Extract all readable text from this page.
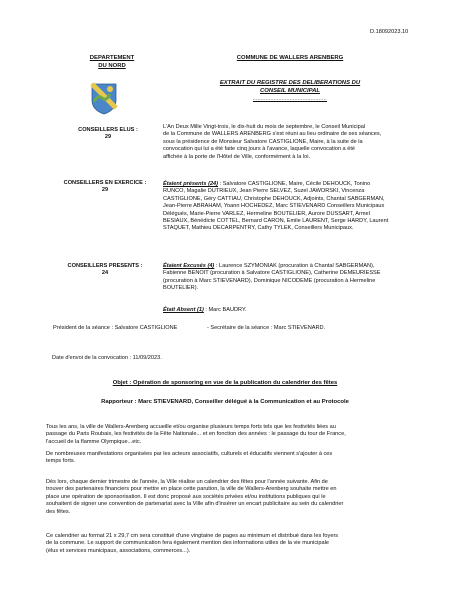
D.18092023.10
DEPARTEMENT
DU NORD
COMMUNE DE WALLERS ARENBERG
EXTRAIT DU REGISTRE DES DELIBERATIONS DU
CONSEIL MUNICIPAL
..............................................
CONSEILLERS ELUS :
29
CONSEILLERS EN EXERCICE :
29
CONSEILLERS PRESENTS :
24
L'An Deux Mille Vingt-trois, le dix-huit du mois de septembre, le Conseil Municipal
de la Commune de WALLERS ARENBERG s'est réuni au lieu ordinaire de ses séances,
sous la présidence de Monsieur Salvatore CASTIGLIONE, Maire, à la suite de la
convocation qui lui a été faite cinq jours à l'avance, laquelle convocation a été
affichée à la porte de l'Hôtel de Ville, conformément à la loi.
Étaient présents (24) : Salvatore CASTIGLIONE, Maire, Cécile DEHOUCK, Tonino
RUNCO, Magalie DUTRIEUX, Jean Pierre SELVEZ, Suzel JAWORSKI, Vincenza
CASTIGLIONE, Géry CATTIAU, Christophe DEHOUCK, Adjoints, Chantal SABGERMAN,
Jean-Pierre ABRAHAM, Yoann HOCHEDEZ, Marc STIEVENARD Conseillers Municipaux
Délégués, Marie-Pierre VARLEZ, Hermeline BOUTELIER, Aurore DUSSART, Armel
BESIAUX, Bénédicte COTTEL, Bernard CARON, Emile LAURENT, Serge HARDY, Laurent
STAQUET, Mathieu DECARPENTRY, Cathy TYLEK, Conseillers Municipaux.
Étaient Excusés (4) : Laurence SZYMONIAK (procuration à Chantal SABGERMAN),
Fabienne BENOIT (procuration à Salvatore CASTIGLIONE), Catherine DEMEURIESSE
(procuration à Marc STIEVENARD), Dominique NICODEME (procuration à Hermeline
BOUTELIER).
Était Absent (1) : Marc BAUDRY.
Président de la séance : Salvatore CASTIGLIONE	- Secrétaire de la séance : Marc STIEVENARD.
Date d'envoi de la convocation : 11/09/2023.
Objet : Opération de sponsoring en vue de la publication du calendrier des fêtes
Rapporteur : Marc STIEVENARD, Conseiller délégué à la Communication et au Protocole
Tous les ans, la ville de Wallers-Arenberg accueille et/ou organise plusieurs temps forts tels que les festivités liées au
passage du Paris Roubaix, les festivités de la Fête Nationale... et en fonction des années : le passage du tour de France,
l'accueil de la flamme Olympique...etc.
De nombreuses manifestations organisées par les acteurs associatifs, culturels et éducatifs viennent s'ajouter à ces
temps forts.
Dès lors, chaque dernier trimestre de l'année, la Ville réalise un calendrier des fêtes pour l'année suivante. Afin de
trouver des partenaires financiers pour mettre en place cette parution, la ville de Wallers-Arenberg souhaite mettre en
place une opération de sponsorisation. Il est donc proposé aux sociétés privées et/ou institutions publiques qui le
souhaitent de signer une convention de partenariat avec la Ville afin d'insérer un encart publicitaire au sein du calendrier
des fêtes.
Ce calendrier au format 21 x 29,7 cm sera constitué d'une vingtaine de pages au minimum et distribué dans les foyers
de la commune. Le support de communication fera également mention des informations utiles de la vie municipale
(élus et services municipaux, associations, commerces...).
